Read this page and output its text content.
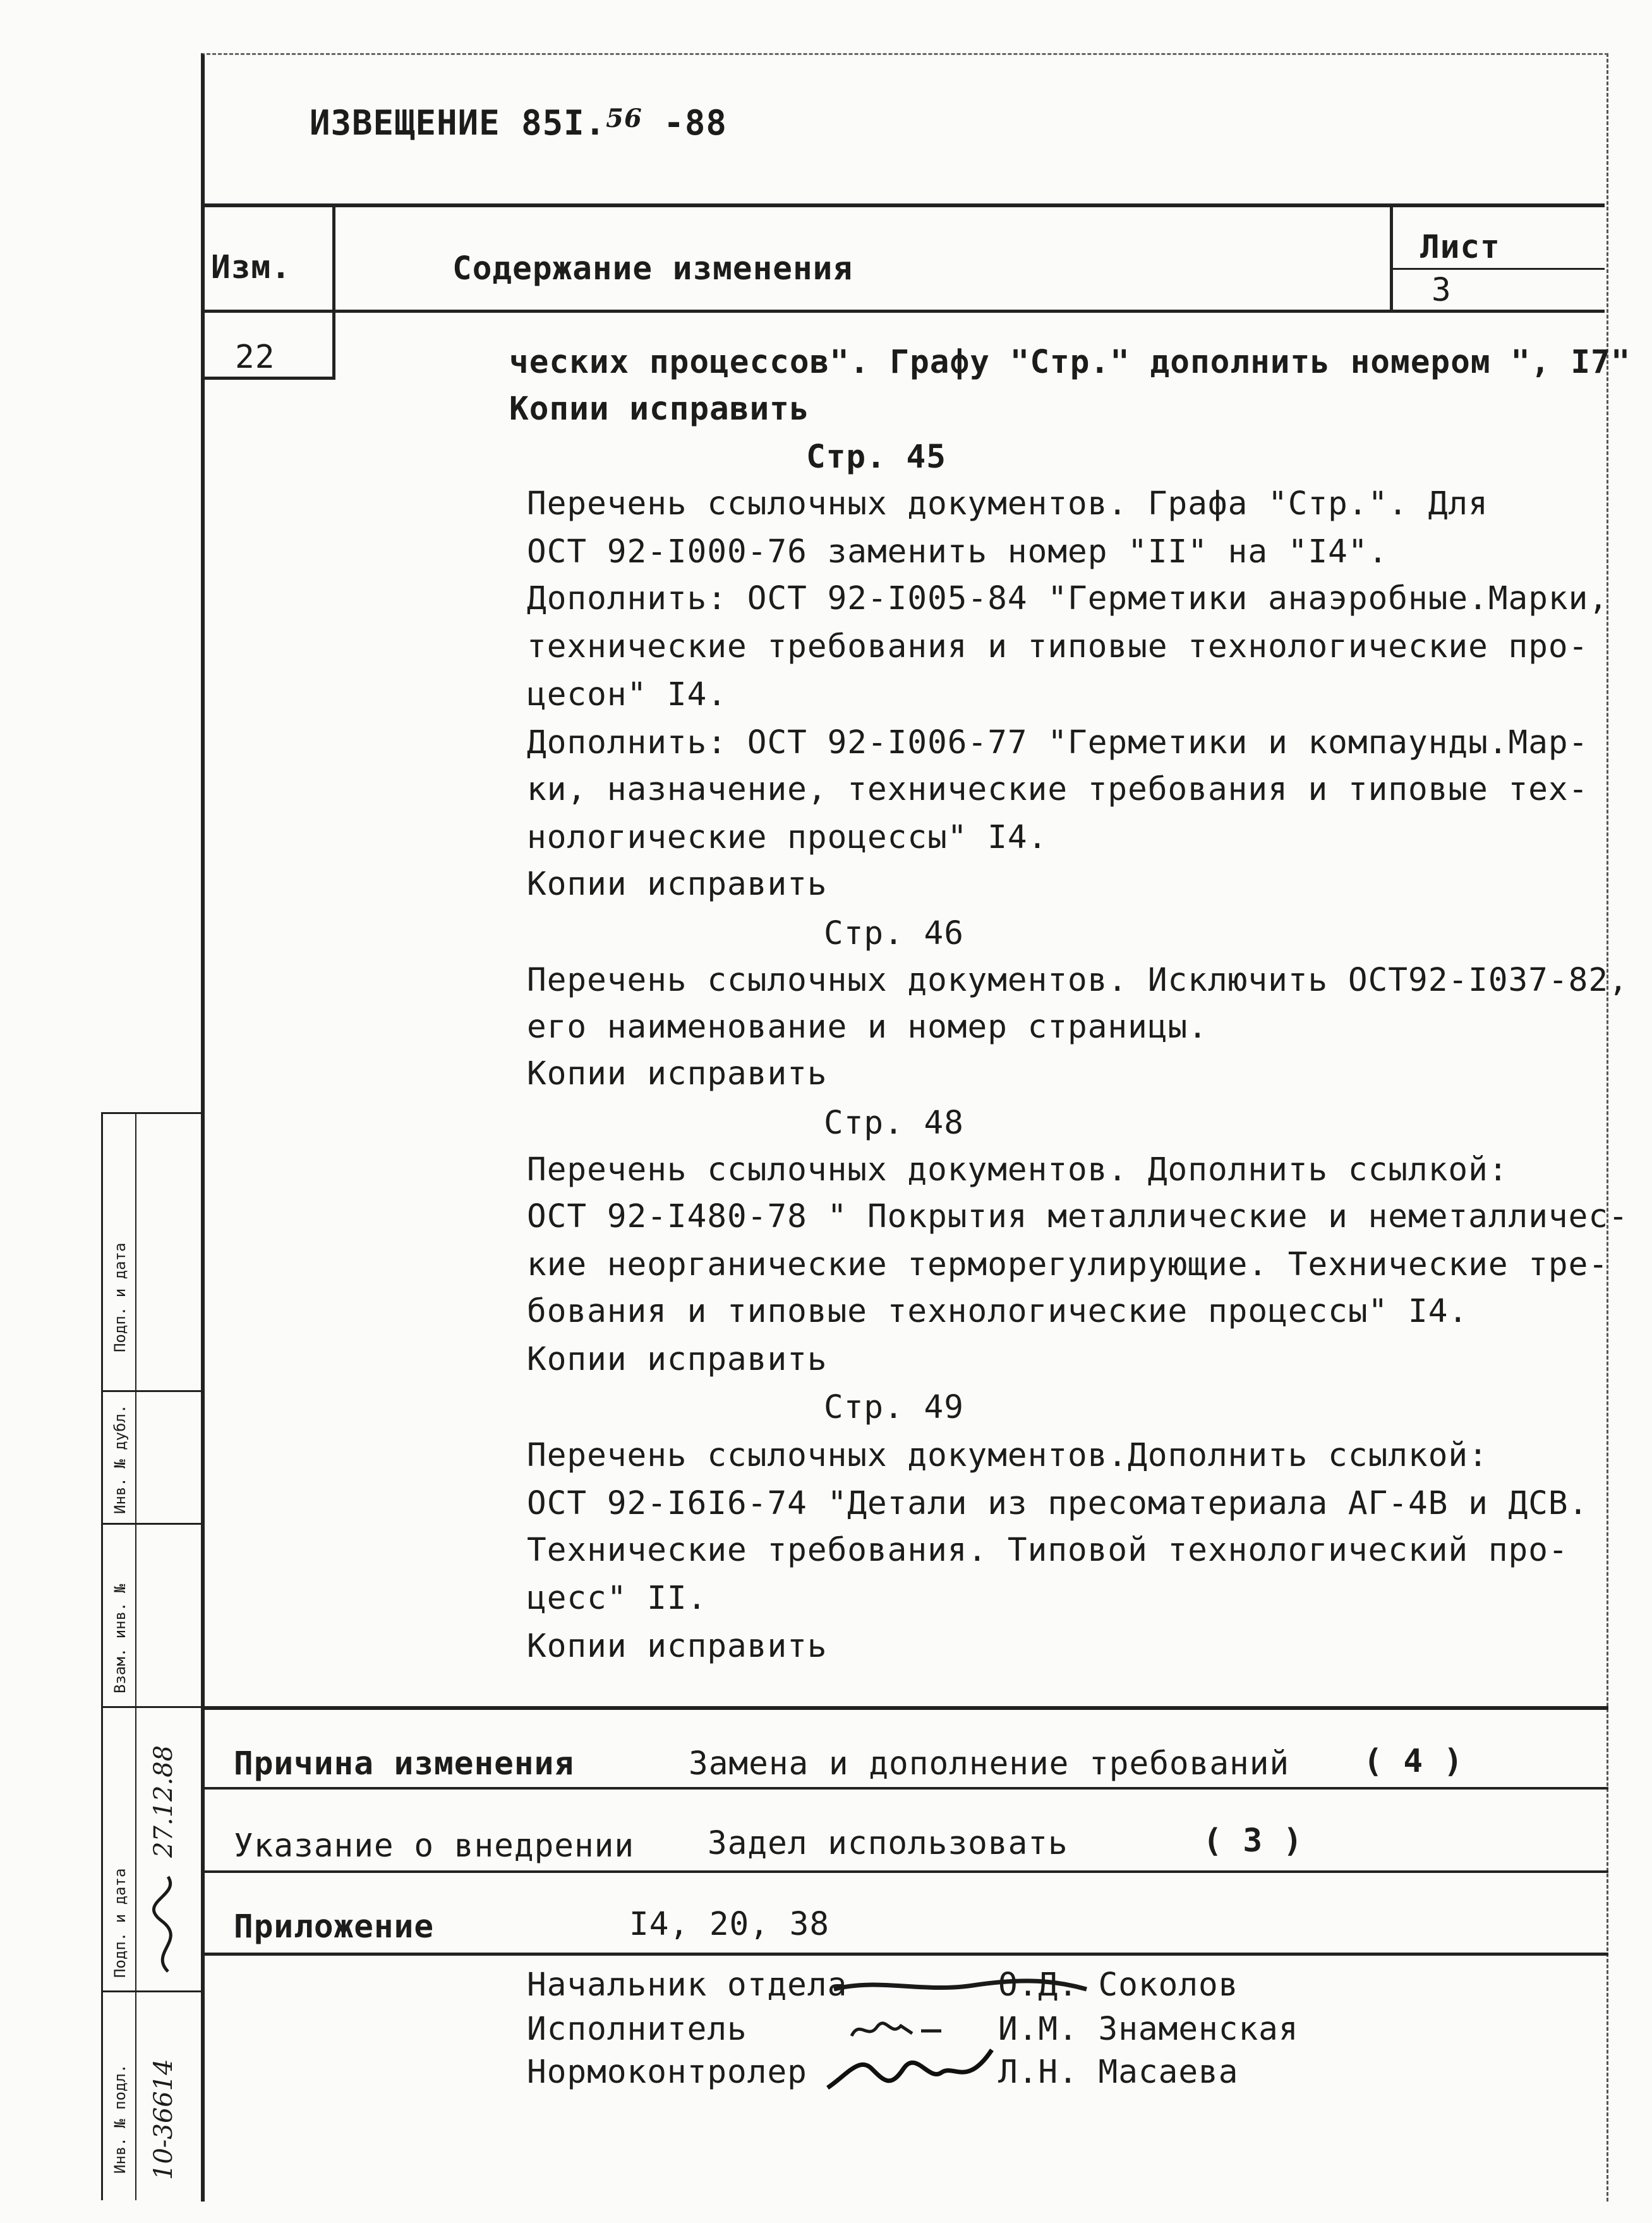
ИЗВЕЩЕНИЕ 85I.$^{56}$ -88
Изм.	Содержание изменения
Лист
3
22	ческих процессов". Графу "Стр." дополнить номером ", I7"
Копии исправить
Стр. 45
Перечень ссылочных документов. Графа "Стр.". Для
ОСТ 92-I000-76 заменить номер "II" на "I4".
Дополнить: ОСТ 92-I005-84 "Герметики анаэробные.Марки,
технические требования и типовые технологические про-
цесон" I4.
Дополнить: ОСТ 92-I006-77 "Герметики и компаунды.Мар-
ки, назначение, технические требования и типовые тех-
нологические процессы" I4.
Копии исправить
Стр. 46
Перечень ссылочных документов. Исключить ОСТ92-I037-82,
его наименование и номер страницы.
Копии исправить
Стр. 48
Перечень ссылочных документов. Дополнить ссылкой:
ОСТ 92-I480-78 " Покрытия металлические и неметалличес-
кие неорганические терморегулирующие. Технические тре-
бования и типовые технологические процессы" I4.
Копии исправить
Стр. 49
Перечень ссылочных документов.Дополнить ссылкой:
ОСТ 92-I6I6-74 "Детали из пресоматериала АГ-4В и ДСВ.
Технические требования. Типовой технологический про-
цесс" II.
Копии исправить
Причина изменения	Замена и дополнение требований ( 4 )
Указание о внедрении Задел использовать	( 3 )
Приложение	I4, 20, 38
Начальник отдела	О.Д. Соколов
Исполнитель	И.М. Знаменская
Нормоконтролер	Л.Н. Масаева
Подп. и дата
Инв. № дубл.
Взам. инв. №
Подп. и дата
Инв. № подл.
27.12.88
10-36614
